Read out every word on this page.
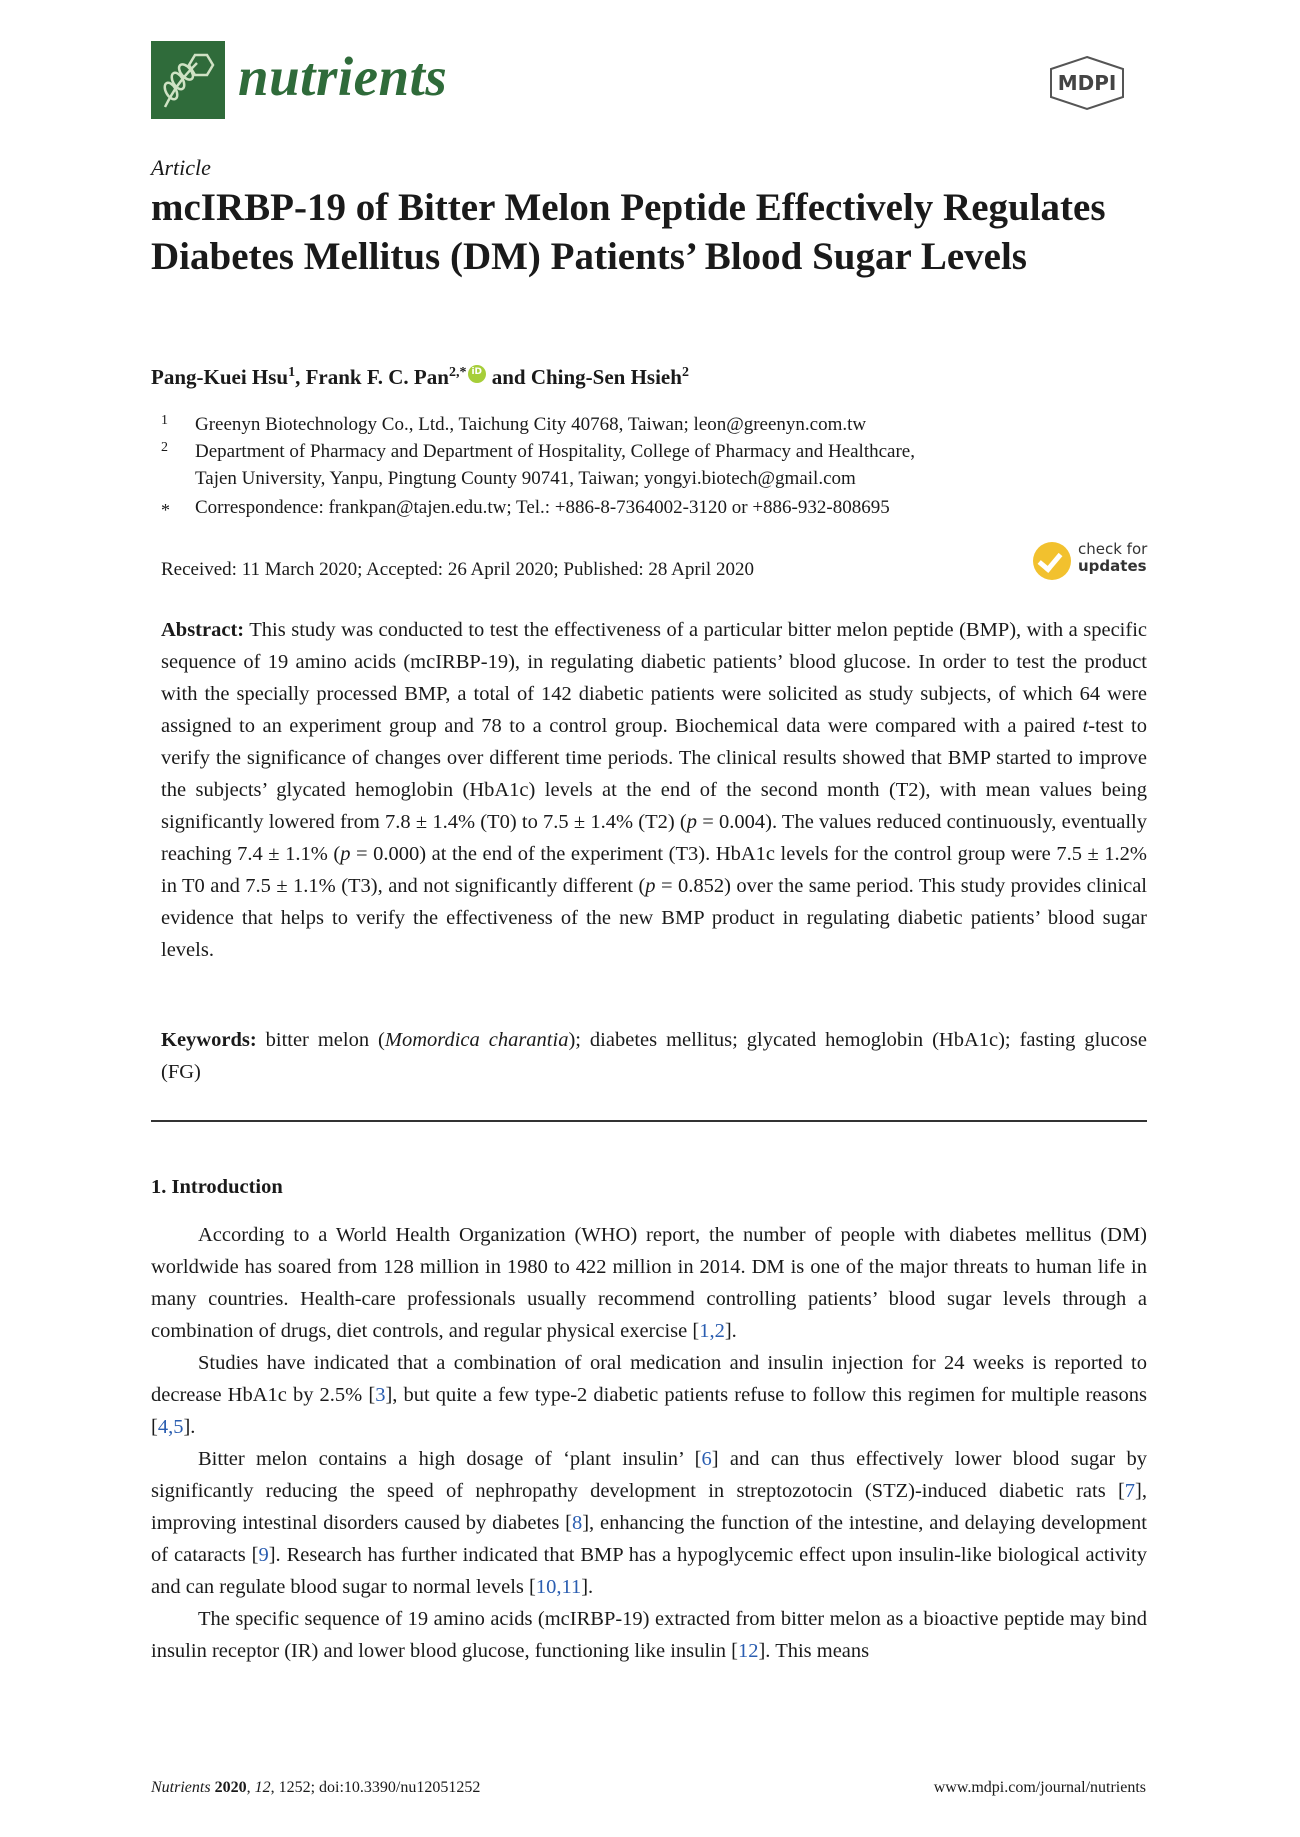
nutrients	MDPI
Article
mcIRBP-19 of Bitter Melon Peptide Effectively Regulates Diabetes Mellitus (DM) Patients’ Blood Sugar Levels
Pang-Kuei Hsu$^1$, Frank F. C. Pan$^{2,*}$iD and Ching-Sen Hsieh$^2$
1 Greenyn Biotechnology Co., Ltd., Taichung City 40768, Taiwan; leon@greenyn.com.tw
2 Department of Pharmacy and Department of Hospitality, College of Pharmacy and Healthcare,
Tajen University, Yanpu, Pingtung County 90741, Taiwan; yongyi.biotech@gmail.com
* Correspondence: frankpan@tajen.edu.tw; Tel.: +886-8-7364002-3120 or +886-932-808695
Received: 11 March 2020; Accepted: 26 April 2020; Published: 28 April 2020
check for
updates
Abstract: This study was conducted to test the effectiveness of a particular bitter melon peptide (BMP), with a specific sequence of 19 amino acids (mcIRBP-19), in regulating diabetic patients’ blood glucose. In order to test the product with the specially processed BMP, a total of 142 diabetic patients were solicited as study subjects, of which 64 were assigned to an experiment group and 78 to a control group. Biochemical data were compared with a paired t-test to verify the significance of changes over different time periods. The clinical results showed that BMP started to improve the subjects’ glycated hemoglobin (HbA1c) levels at the end of the second month (T2), with mean values being significantly lowered from 7.8 ± 1.4% (T0) to 7.5 ± 1.4% (T2) (p = 0.004). The values reduced continuously, eventually reaching 7.4 ± 1.1% (p = 0.000) at the end of the experiment (T3). HbA1c levels for the control group were 7.5 ± 1.2% in T0 and 7.5 ± 1.1% (T3), and not significantly different (p = 0.852) over the same period. This study provides clinical evidence that helps to verify the effectiveness of the new BMP product in regulating diabetic patients’ blood sugar levels.
Keywords: bitter melon (Momordica charantia); diabetes mellitus; glycated hemoglobin (HbA1c); fasting glucose (FG)
1. Introduction

According to a World Health Organization (WHO) report, the number of people with diabetes mellitus (DM) worldwide has soared from 128 million in 1980 to 422 million in 2014. DM is one of the major threats to human life in many countries. Health-care professionals usually recommend controlling patients’ blood sugar levels through a combination of drugs, diet controls, and regular physical exercise [1,2].

Studies have indicated that a combination of oral medication and insulin injection for 24 weeks is reported to decrease HbA1c by 2.5% [3], but quite a few type-2 diabetic patients refuse to follow this regimen for multiple reasons [4,5].

Bitter melon contains a high dosage of ‘plant insulin’ [6] and can thus effectively lower blood sugar by significantly reducing the speed of nephropathy development in streptozotocin (STZ)-induced diabetic rats [7], improving intestinal disorders caused by diabetes [8], enhancing the function of the intestine, and delaying development of cataracts [9]. Research has further indicated that BMP has a hypoglycemic effect upon insulin-like biological activity and can regulate blood sugar to normal levels [10,11].

The specific sequence of 19 amino acids (mcIRBP-19) extracted from bitter melon as a bioactive peptide may bind insulin receptor (IR) and lower blood glucose, functioning like insulin [12]. This means

Nutrients 2020, 12, 1252; doi:10.3390/nu12051252	www.mdpi.com/journal/nutrients
